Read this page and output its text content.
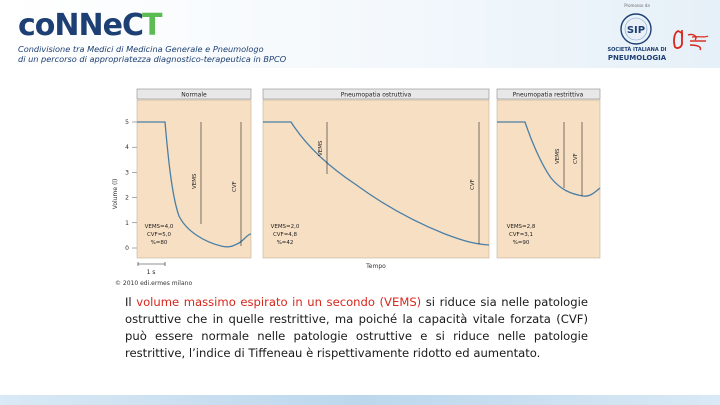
coNNeC T
Condivisione tra Medici di Medicina Generale e Pneumologo
di un percorso di appropriatezza diagnostico-terapeutica in BPCO
Promosso da
SIP
SOCIETÀ ITALIANA DI
PNEUMOLOGIA
Volume (l)
5
4
3
2
1
0
Normale
VEMS	CVF
VEMS=4,0
CVF=5,0
%=80
Pneumopatia ostruttiva
VEMS
CVF
VEMS=2,0
CVF=4,8
%=42
Tempo
Pneumopatia restrittiva
VEMS CVF
VEMS=2,8
CVF=3,1
%=90
1 s
© 2010 edi.ermes milano
Il volume massimo espirato in un secondo (VEMS) si riduce sia nelle patologie ostruttive che in quelle restrittive, ma poiché la capacità vitale forzata (CVF) può essere normale nelle patologie ostruttive e si riduce nelle patologie restrittive, l’indice di Tiffeneau è rispettivamente ridotto ed aumentato.
